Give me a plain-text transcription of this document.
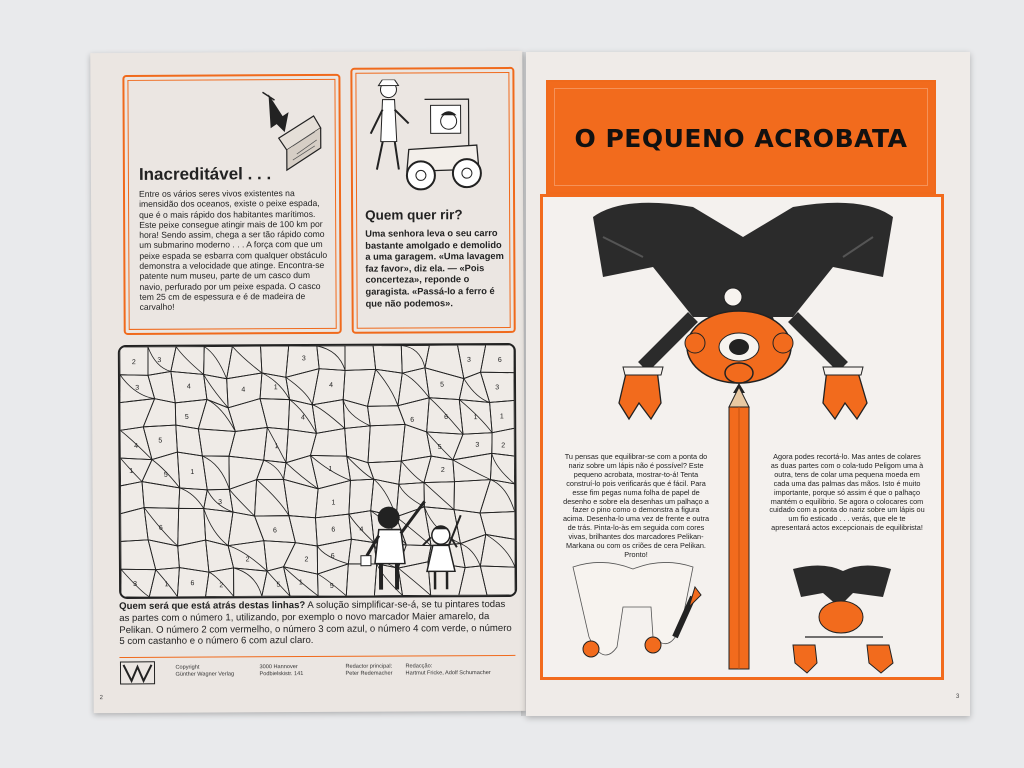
Inacreditável . . .
Entre os vários seres vivos existentes na imensidão dos oceanos, existe o peixe espada, que é o mais rápido dos habitantes marítimos. Este peixe consegue atingir mais de 100 km por hora! Sendo assim, chega a ser tão rápido como um submarino moderno . . . A força com que um peixe espada se esbarra com qualquer obstáculo demonstra a velocidade que atinge. Encontra-se patente num museu, parte de um casco dum navio, perfurado por um peixe espada. O casco tem 25 cm de espessura e é de madeira de carvalho!
Quem quer rir?
Uma senhora leva o seu carro bastante amolgado e demolido a uma garagem. «Uma lavagem faz favor», diz ela. — «Pois concerteza», reponde o garagista. «Passá-lo a ferro é que não podemos».
2	3	3	3	6
3	4	4	1	4	5	3
5	4	6	6	1	1
4
5
1	5	3	2
1
5	1	1	2
3	1
6	6	6	4
2	2	6
3	1	6	2	5	1
5
Quem será que está atrás destas linhas? A solução simplificar-se-á, se tu pintares todas as partes com o número 1, utilizando, por exemplo o novo marcador Maier amarelo, da Pelikan. O número 2 com vermelho, o número 3 com azul, o número 4 com verde, o número 5 com castanho e o número 6 com azul claro.
Copyright
Günther Wagner Verlag
3000 Hannover
Podbielskistr. 141
Redactor principal:
Peter Redemacher
Redacção:
Hartmut Fricke, Adolf Schumacher
2
O PEQUENO ACROBATA
Tu pensas que equilibrar-se com a ponta do nariz sobre um lápis não é possível? Este pequeno acrobata, mostrar-to-á! Tenta construí-lo pois verificarás que é fácil. Para esse fim pegas numa folha de papel de desenho e sobre ela desenhas um palhaço a fazer o pino como o demonstra a figura acima. Desenha-lo uma vez de frente e outra de trás. Pinta-lo-às em seguida com cores vivas, brilhantes dos marcadores Pelikan-Markana ou com os criões de cera Pelikan. Pronto!
Agora podes recortá-lo. Mas antes de colares as duas partes com o cola-tudo Peligom uma à outra, tens de colar uma pequena moeda em cada uma das palmas das mãos. Isto é muito importante, porque só assim é que o palhaço mantém o equilibrio. Se agora o colocares com cuidado com a ponta do nariz sobre um lápis ou um fio esticado . . . verás, que ele te apresentará actos excepcionais de equilibrista!
3
